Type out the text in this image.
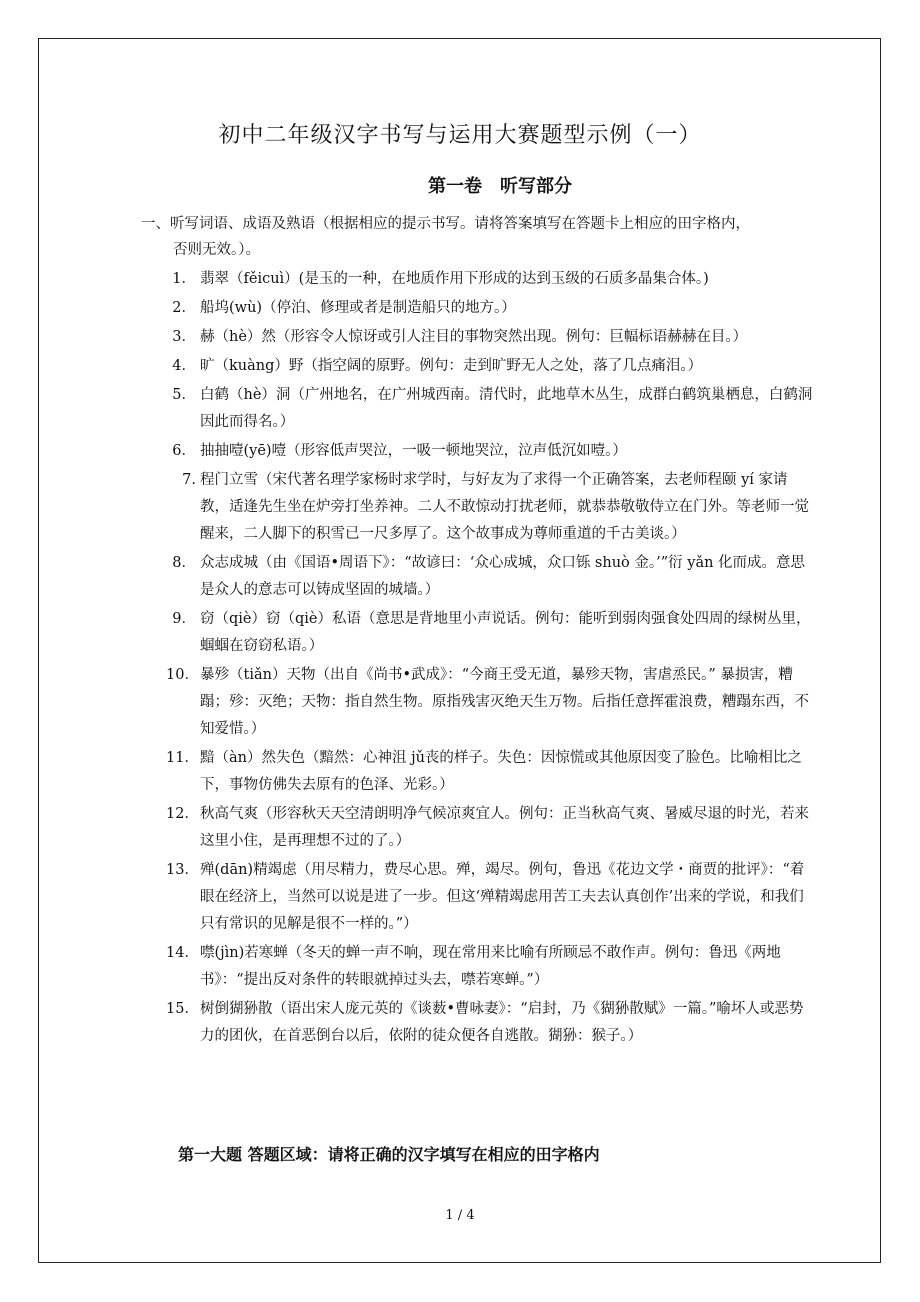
初中二年级汉字书写与运用大赛题型示例（一）
第一卷　听写部分
一、听写词语、成语及熟语（根据相应的提示书写。请将答案填写在答题卡上相应的田字格内，
否则无效。）。
1． 翡翠（fěicuì）(是玉的一种，在地质作用下形成的达到玉级的石质多晶集合体。)
2． 船坞(wù)（停泊、修理或者是制造船只的地方。）
3． 赫（hè）然（形容令人惊讶或引人注目的事物突然出现。例句：巨幅标语赫赫在目。）
4． 旷（kuàng）野（指空阔的原野。例句：走到旷野无人之处，落了几点痛泪。）
5． 白鹤（hè）洞（广州地名，在广州城西南。清代时，此地草木丛生，成群白鹤筑巢栖息，白鹤洞因此而得名。）
6． 抽抽噎(yē)噎（形容低声哭泣，一吸一顿地哭泣，泣声低沉如噎。）
7. 程门立雪（宋代著名理学家杨时求学时，与好友为了求得一个正确答案，去老师程颐 yí 家请教，适逢先生坐在炉旁打坐养神。二人不敢惊动打扰老师，就恭恭敬敬侍立在门外。等老师一觉醒来，二人脚下的积雪已一尺多厚了。这个故事成为尊师重道的千古美谈。）
8． 众志成城（由《国语•周语下》：“故谚曰：‘众心成城，众口铄 shuò 金。’”衍 yǎn 化而成。意思是众人的意志可以铸成坚固的城墙。）
9． 窃（qiè）窃（qiè）私语（意思是背地里小声说话。例句：能听到弱肉强食处四周的绿树丛里，蝈蝈在窃窃私语。）
10． 暴殄（tiǎn）天物（出自《尚书•武成》：“今商王受无道，暴殄天物，害虐烝民。” 暴损害，糟蹋；殄：灭绝；天物：指自然生物。原指残害灭绝天生万物。后指任意挥霍浪费，糟蹋东西，不知爱惜。）
11． 黯（àn）然失色（黯然：心神沮 jǔ丧的样子。失色：因惊慌或其他原因变了脸色。比喻相比之下，事物仿佛失去原有的色泽、光彩。）
12． 秋高气爽（形容秋天天空清朗明净气候凉爽宜人。例句：正当秋高气爽、暑威尽退的时光，若来这里小住，是再理想不过的了。）
13． 殚(dān)精竭虑（用尽精力，费尽心思。殚，竭尽。例句，鲁迅《花边文学・商贾的批评》：“着眼在经济上，当然可以说是进了一步。但这‘殚精竭虑用苦工夫去认真创作’出来的学说，和我们只有常识的见解是很不一样的。”）
14． 噤(jìn)若寒蝉（冬天的蝉一声不响，现在常用来比喻有所顾忌不敢作声。例句：鲁迅《两地书》：“提出反对条件的转眼就掉过头去，噤若寒蝉。”）
15． 树倒猢狲散（语出宋人庞元英的《谈薮•曹咏妻》：“启封，乃《猢狲散赋》一篇。”喻坏人或恶势力的团伙，在首恶倒台以后，依附的徒众便各自逃散。猢狲：猴子。）
第一大题 答题区域：请将正确的汉字填写在相应的田字格内
1 / 4
